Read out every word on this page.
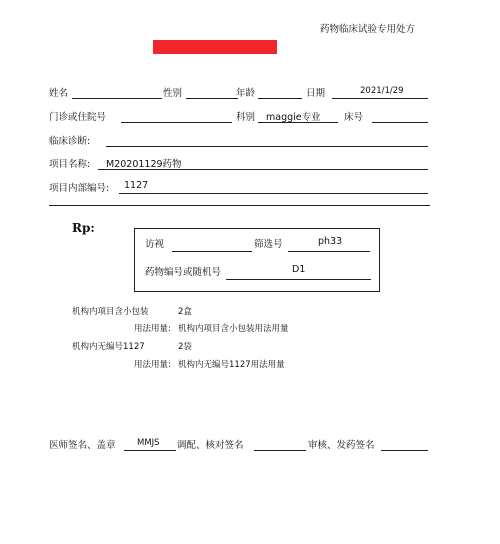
药物临床试验专用处方
姓名	性别	年龄	日期	2021/1/29
门诊或住院号	科别 maggie专业 床号
临床诊断:
项目名称: M20201129药物
项目内部编号: 1127
Rp:
访视	筛选号	ph33
药物编号或随机号	D1
机构内项目含小包装	2盒
用法用量: 机构内项目含小包装用法用量
机构内无编号1127	2袋
用法用量: 机构内无编号1127用法用量
医师签名、盖章	MMJS 调配、核对签名	审核、发药签名
